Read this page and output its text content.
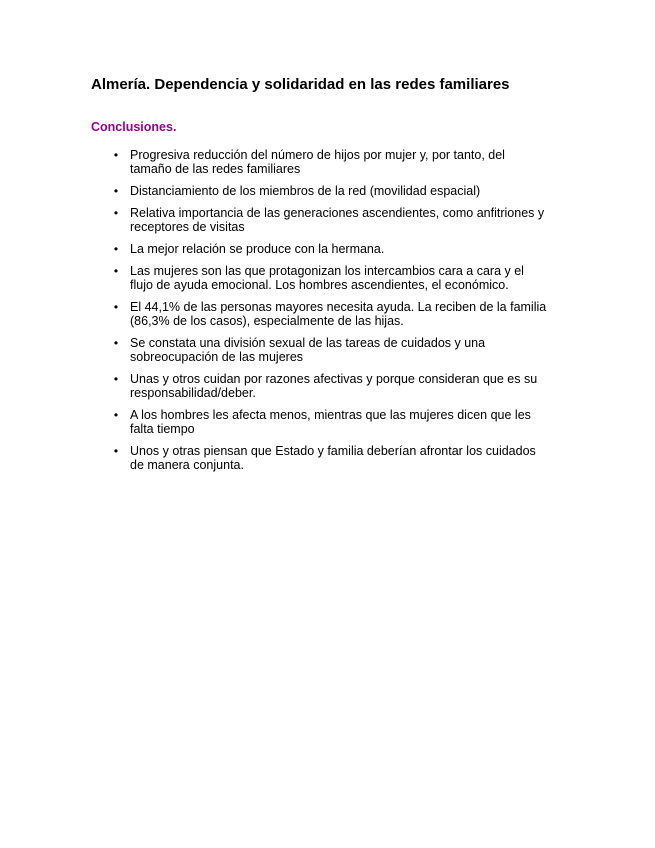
Almería. Dependencia y solidaridad en las redes familiares
Conclusiones.
• Progresiva reducción del número de hijos por mujer y, por tanto, del
tamaño de las redes familiares
• Distanciamiento de los miembros de la red (movilidad espacial)
• Relativa importancia de las generaciones ascendientes, como anfitriones y
receptores de visitas
• La mejor relación se produce con la hermana.
• Las mujeres son las que protagonizan los intercambios cara a cara y el
flujo de ayuda emocional. Los hombres ascendientes, el económico.
• El 44,1% de las personas mayores necesita ayuda. La reciben de la familia
(86,3% de los casos), especialmente de las hijas.
• Se constata una división sexual de las tareas de cuidados y una
sobreocupación de las mujeres
• Unas y otros cuidan por razones afectivas y porque consideran que es su
responsabilidad/deber.
• A los hombres les afecta menos, mientras que las mujeres dicen que les
falta tiempo
• Unos y otras piensan que Estado y familia deberían afrontar los cuidados
de manera conjunta.
